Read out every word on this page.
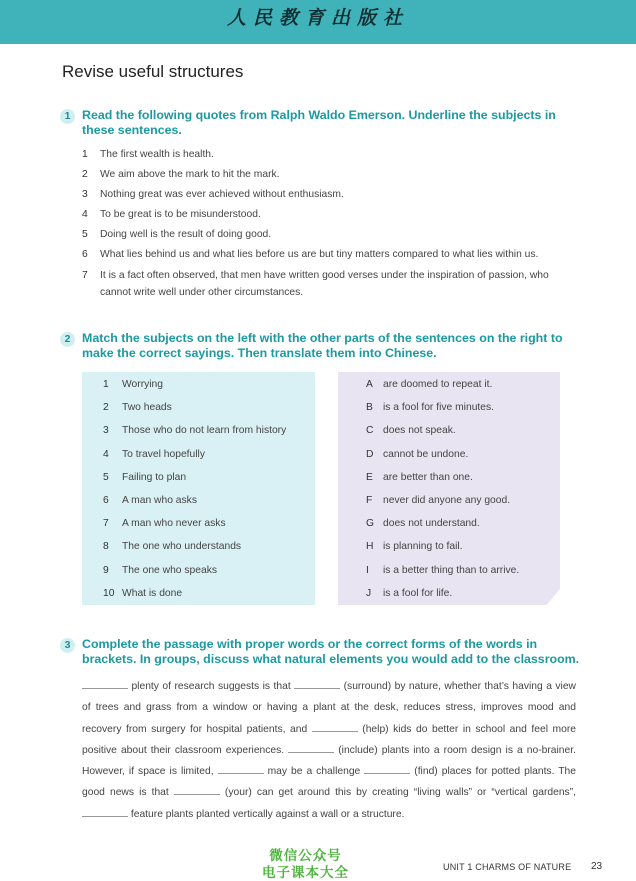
人民教育出版社
Revise useful structures
1 Read the following quotes from Ralph Waldo Emerson. Underline the subjects in these sentences.
1 The first wealth is health.
2 We aim above the mark to hit the mark.
3 Nothing great was ever achieved without enthusiasm.
4 To be great is to be misunderstood.
5 Doing well is the result of doing good.
6 What lies behind us and what lies before us are but tiny matters compared to what lies within us.
7 It is a fact often observed, that men have written good verses under the inspiration of passion, who cannot write well under other circumstances.
2 Match the subjects on the left with the other parts of the sentences on the right to make the correct sayings. Then translate them into Chinese.
1 Worrying
2 Two heads
3 Those who do not learn from history
4 To travel hopefully
5 Failing to plan
6 A man who asks
7 A man who never asks
8 The one who understands
9 The one who speaks
10 What is done
A are doomed to repeat it.
B is a fool for five minutes.
C does not speak.
D cannot be undone.
E are better than one.
F never did anyone any good.
G does not understand.
H is planning to fail.
I is a better thing than to arrive.
J is a fool for life.
3 Complete the passage with proper words or the correct forms of the words in brackets. In groups, discuss what natural elements you would add to the classroom.
plenty of research suggests is that	(surround) by nature, whether that’s having a view of trees and grass from a window or having a plant at the desk, reduces stress, improves mood and recovery from surgery for hospital patients, and	(help) kids do better in school and feel more positive about their classroom experiences.	(include) plants into a room design is a no-brainer. However, if space is limited,	may be a challenge	(find) places for potted plants. The good news is that	(your) can get around this by creating “living walls” or “vertical gardens”,  feature plants planted vertically against a wall or a structure.
微信公众号
电子课本大全	UNIT 1 CHARMS OF NATURE 23
